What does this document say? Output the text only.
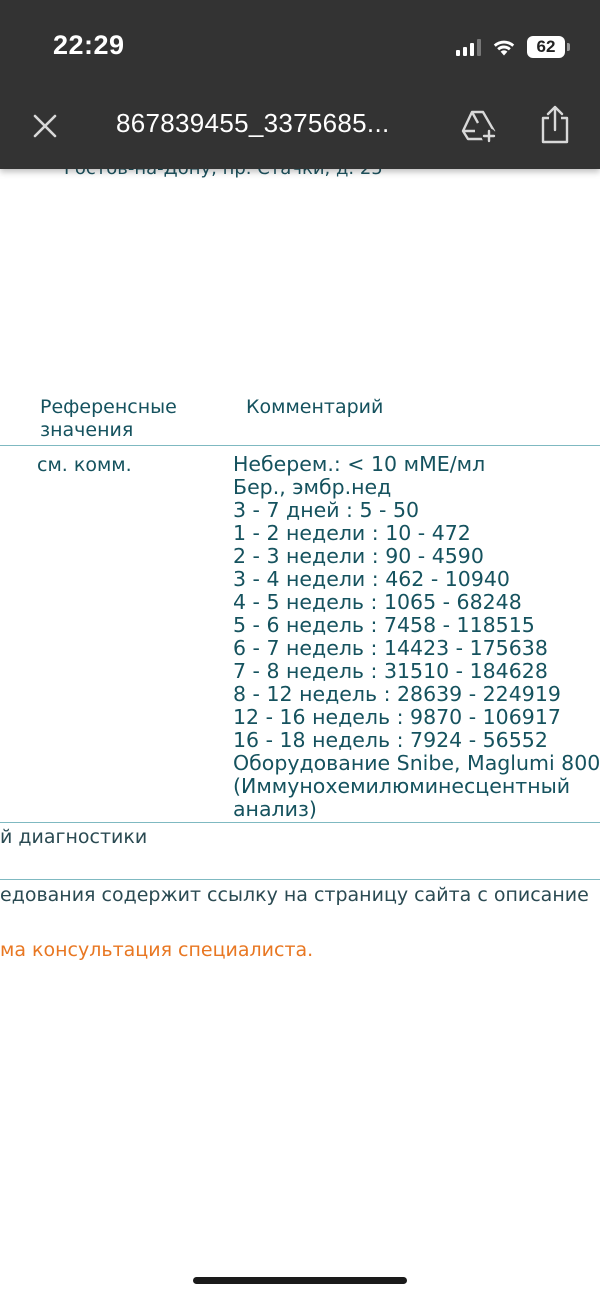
Референсные значения
Комментарий
см. комм.	Неберем.: < 10 мМЕ/мл
Бер., эмбр.нед
3 - 7 дней : 5 - 50
1 - 2 недели : 10 - 472
2 - 3 недели : 90 - 4590
3 - 4 недели : 462 - 10940
4 - 5 недель : 1065 - 68248
5 - 6 недель : 7458 - 118515
6 - 7 недель : 14423 - 175638
7 - 8 недель : 31510 - 184628
8 - 12 недель : 28639 - 224919
12 - 16 недель : 9870 - 106917
16 - 18 недель : 7924 - 56552
Оборудование Snibe, Maglumi 800
(Иммунохемилюминесцентный
анализ)
й диагностики
едования содержит ссылку на страницу сайта с описание
ма консультация специалиста.
22:29	62
867839455_3375685...
